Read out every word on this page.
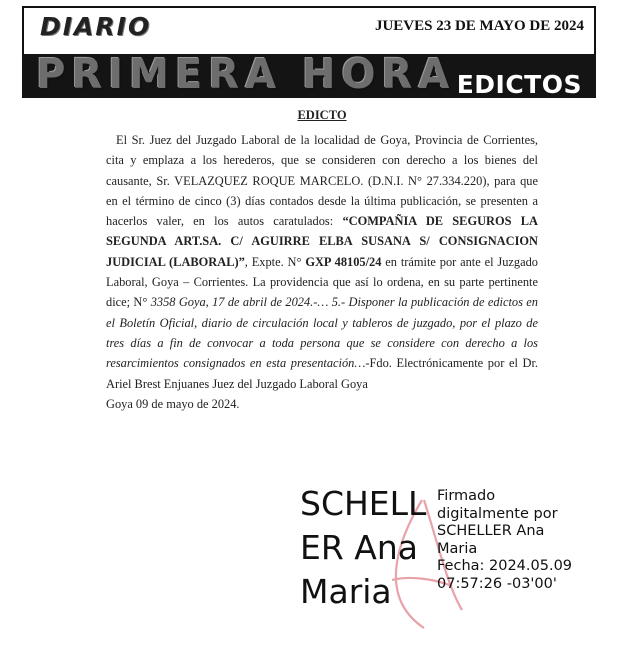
DIARIO	JUEVES 23 DE MAYO DE 2024
PRIMERA HORA EDICTOS

EDICTO

El Sr. Juez del Juzgado Laboral de la localidad de Goya, Provincia de Corrientes, cita y emplaza a los herederos, que se consideren con derecho a los bienes del causante, Sr. VELAZQUEZ ROQUE MARCELO. (D.N.I. N° 27.334.220), para que en el término de cinco (3) días contados desde la última publicación, se presenten a hacerlos valer, en los autos caratulados: “COMPAÑIA DE SEGUROS LA SEGUNDA ART.SA. C/ AGUIRRE ELBA SUSANA S/ CONSIGNACION JUDICIAL (LABORAL)”, Expte. N° GXP 48105/24 en trámite por ante el Juzgado Laboral, Goya – Corrientes. La providencia que así lo ordena, en su parte pertinente dice; N° 3358 Goya, 17 de abril de 2024.-… 5.- Disponer la publicación de edictos en el Boletín Oficial, diario de circulación local y tableros de juzgado, por el plazo de tres días a fin de convocar a toda persona que se considere con derecho a los resarcimientos consignados en esta presentación…-Fdo. Electrónicamente por el Dr. Ariel Brest Enjuanes Juez del Juzgado Laboral Goya

Goya 09 de mayo de 2024.

SCHELL
ER Ana
Maria
Firmado
digitalmente por
SCHELLER Ana
Maria
Fecha: 2024.05.09
07:57:26 -03'00'
